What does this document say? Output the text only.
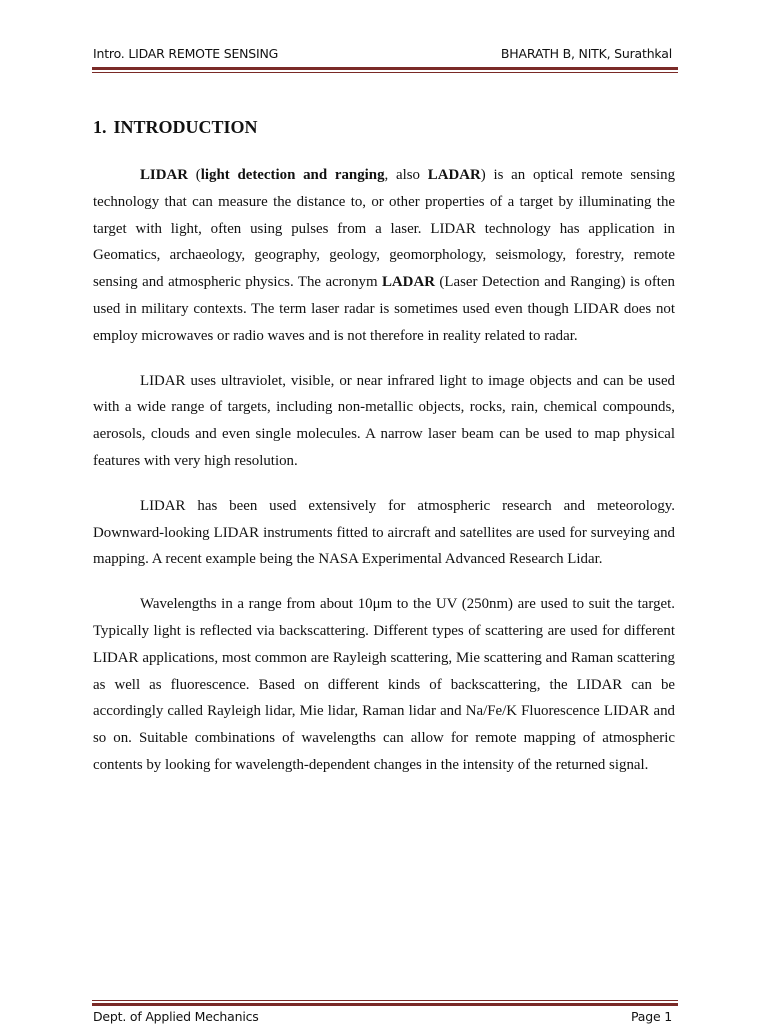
Intro. LIDAR REMOTE SENSING	BHARATH B, NITK, Surathkal
1. INTRODUCTION

LIDAR (light detection and ranging, also LADAR) is an optical remote sensing technology that can measure the distance to, or other properties of a target by illuminating the target with light, often using pulses from a laser. LIDAR technology has application in Geomatics, archaeology, geography, geology, geomorphology, seismology, forestry, remote sensing and atmospheric physics. The acronym LADAR (Laser Detection and Ranging) is often used in military contexts. The term laser radar is sometimes used even though LIDAR does not employ microwaves or radio waves and is not therefore in reality related to radar.

LIDAR uses ultraviolet, visible, or near infrared light to image objects and can be used with a wide range of targets, including non-metallic objects, rocks, rain, chemical compounds, aerosols, clouds and even single molecules. A narrow laser beam can be used to map physical features with very high resolution.

LIDAR has been used extensively for atmospheric research and meteorology. Downward-looking LIDAR instruments fitted to aircraft and satellites are used for surveying and mapping. A recent example being the NASA Experimental Advanced Research Lidar.

Wavelengths in a range from about 10μm to the UV (250nm) are used to suit the target. Typically light is reflected via backscattering. Different types of scattering are used for different LIDAR applications, most common are Rayleigh scattering, Mie scattering and Raman scattering as well as fluorescence. Based on different kinds of backscattering, the LIDAR can be accordingly called Rayleigh lidar, Mie lidar, Raman lidar and Na/Fe/K Fluorescence LIDAR and so on. Suitable combinations of wavelengths can allow for remote mapping of atmospheric contents by looking for wavelength-dependent changes in the intensity of the returned signal.

Dept. of Applied Mechanics	Page 1
